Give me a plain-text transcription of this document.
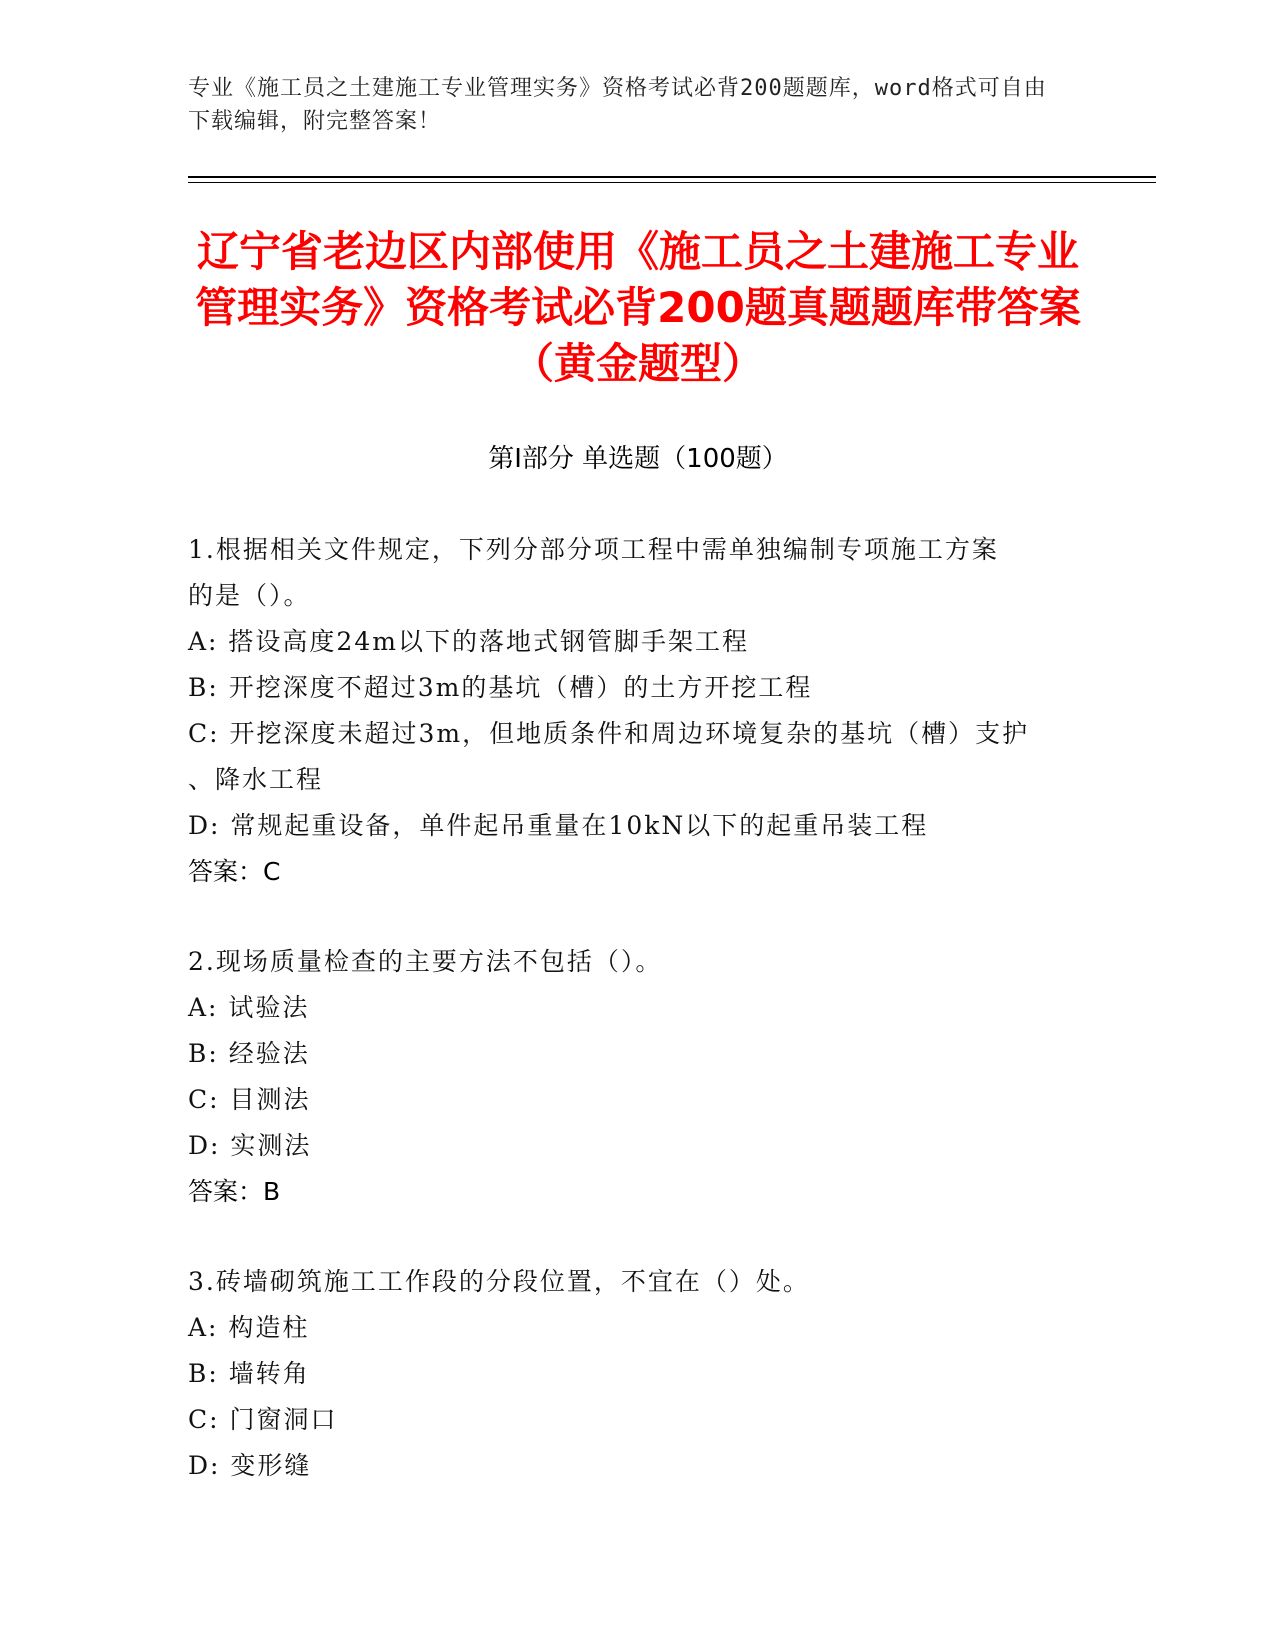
专业《施工员之土建施工专业管理实务》资格考试必背200题题库，word格式可自由下载编辑，附完整答案！
辽宁省老边区内部使用《施工员之土建施工专业管理实务》资格考试必背200题真题题库带答案（黄金题型）
第Ⅰ部分 单选题（100题）
1.根据相关文件规定，下列分部分项工程中需单独编制专项施工方案
的是（）。
A: 搭设高度24m以下的落地式钢管脚手架工程
B: 开挖深度不超过3m的基坑（槽）的土方开挖工程
C: 开挖深度未超过3m，但地质条件和周边环境复杂的基坑（槽）支护
、降水工程
D: 常规起重设备，单件起吊重量在10kN以下的起重吊装工程
答案：C
2.现场质量检查的主要方法不包括（）。
A: 试验法
B: 经验法
C: 目测法
D: 实测法
答案：B
3.砖墙砌筑施工工作段的分段位置，不宜在（）处。
A: 构造柱
B: 墙转角
C: 门窗洞口
D: 变形缝
